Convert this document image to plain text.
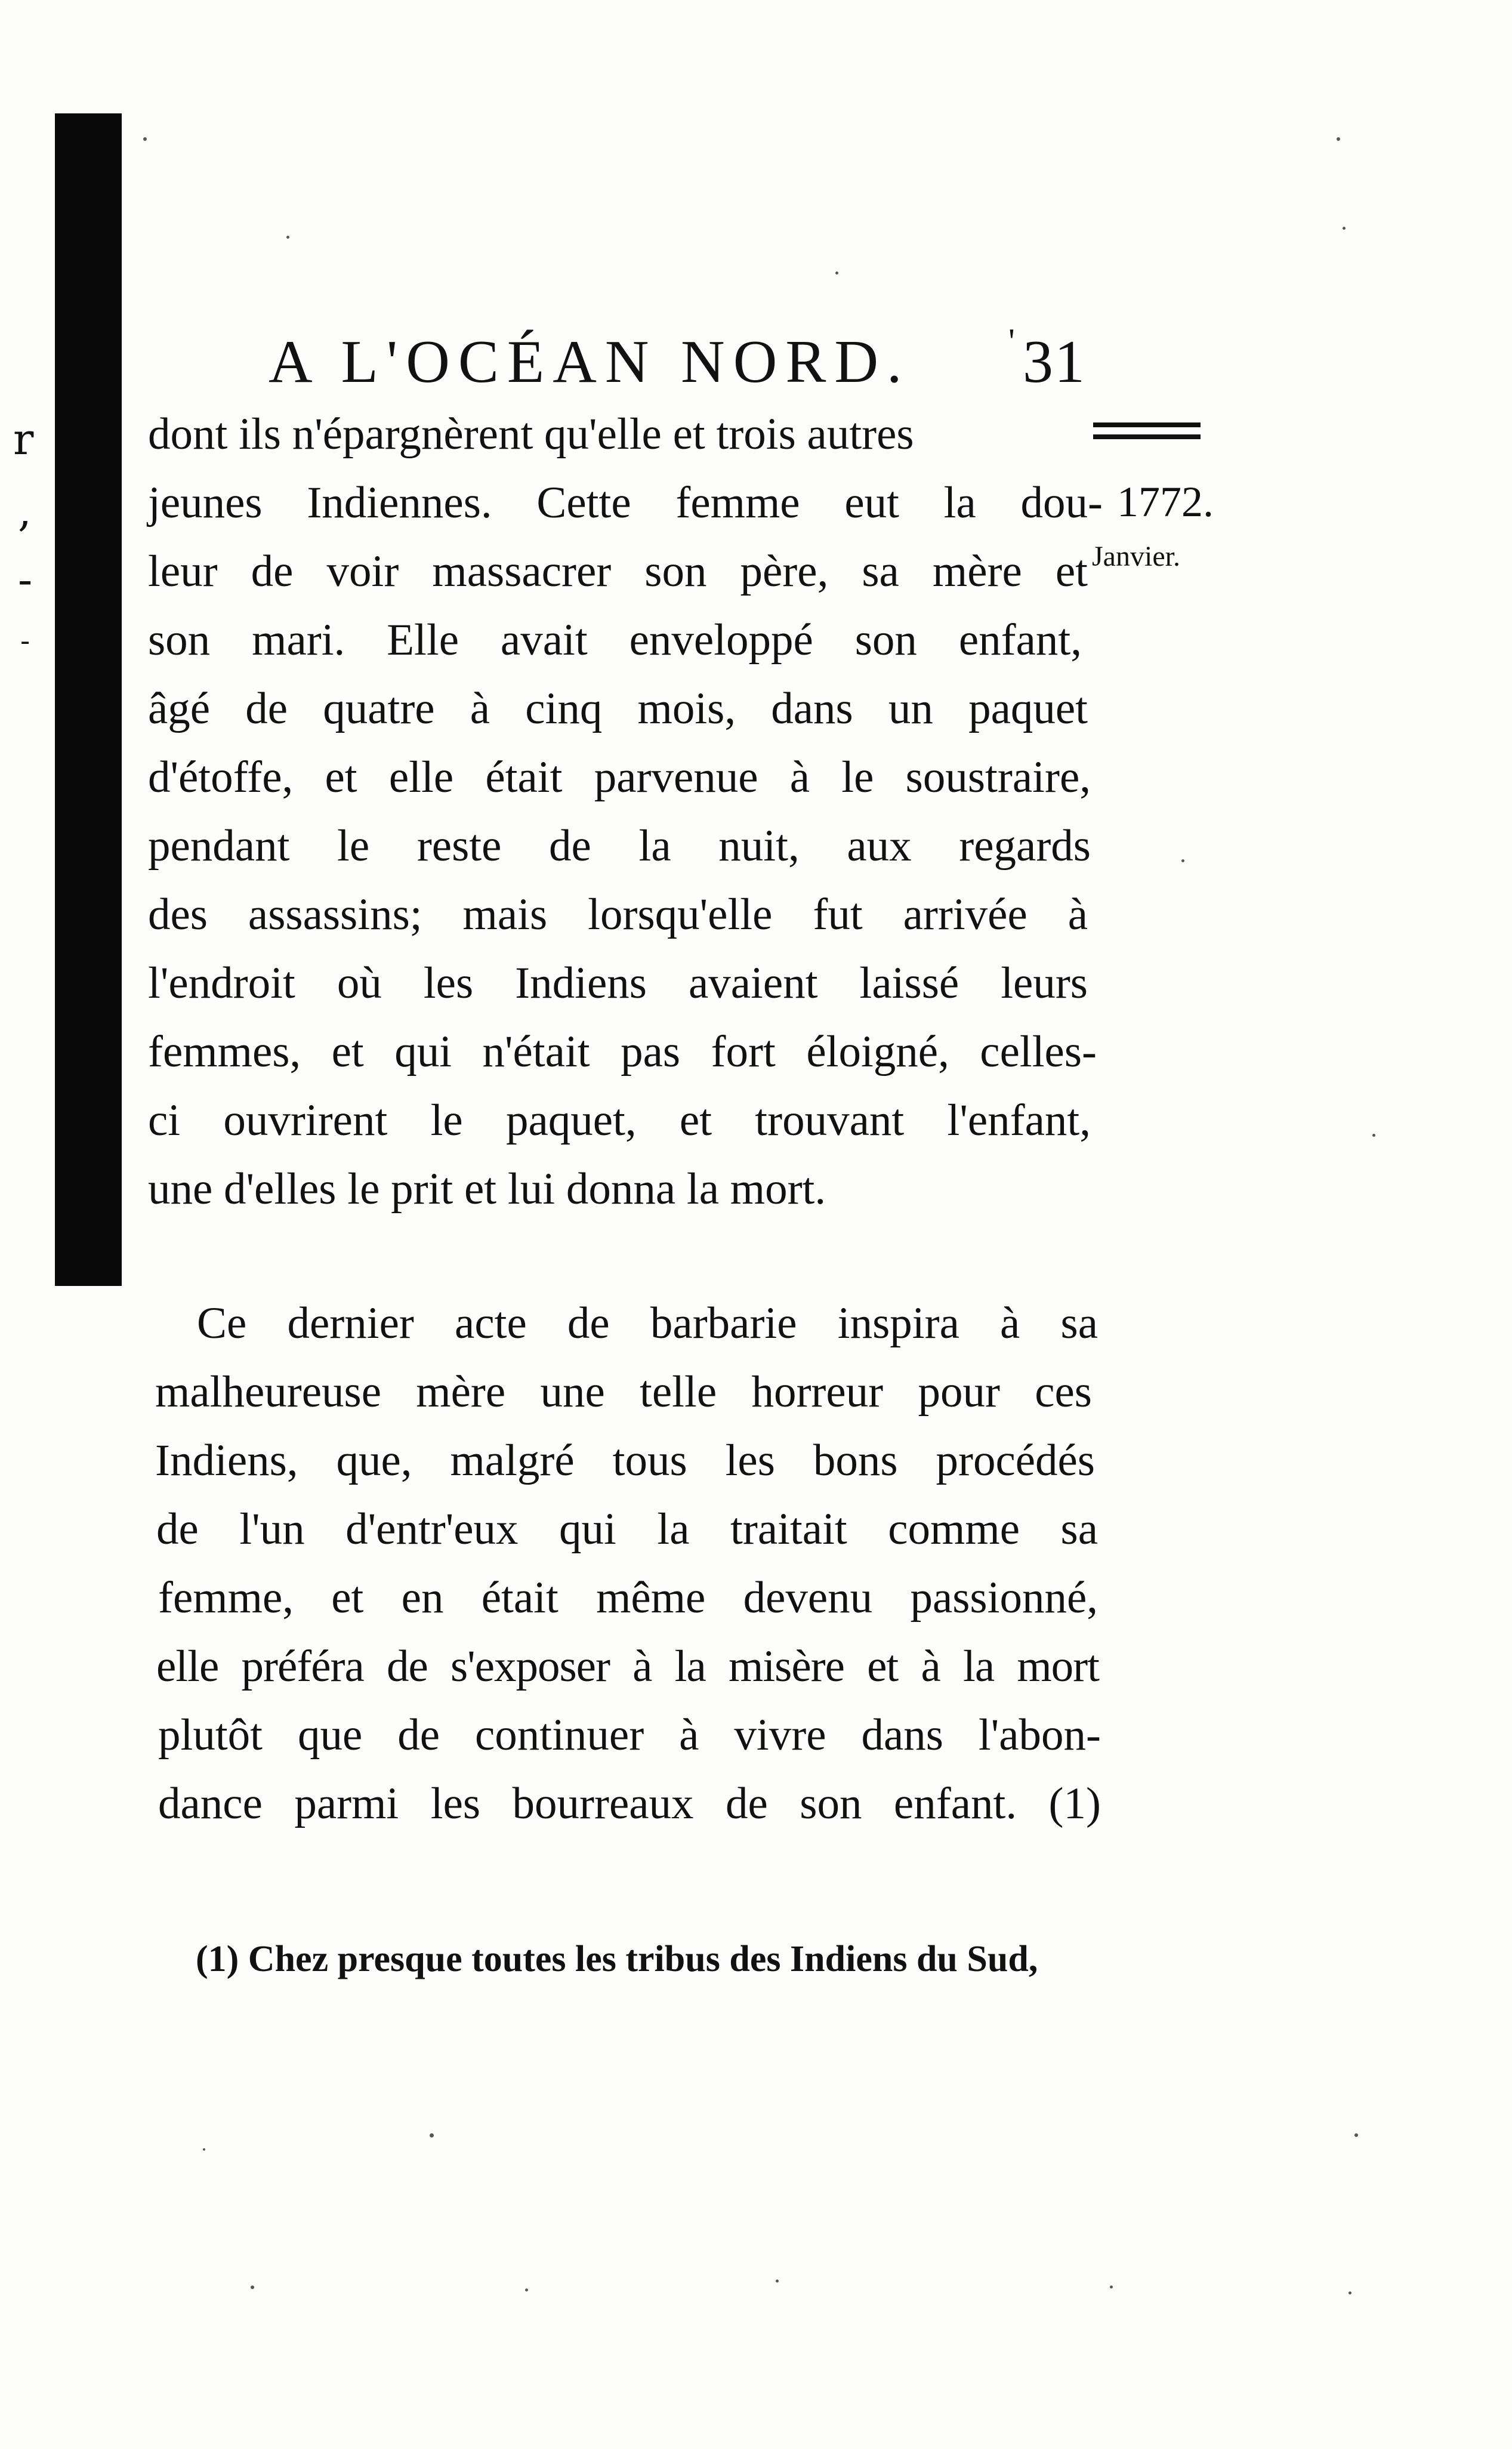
r
,
-
-
A L'OCÉAN NORD.	' 31
1772.
Janvier.
dont ils n'épargnèrent qu'elle et trois autres
jeunes Indiennes. Cette femme eut la dou-
leur de voir massacrer son père, sa mère et
son mari. Elle avait enveloppé son enfant,
âgé de quatre à cinq mois, dans un paquet
d'étoffe, et elle était parvenue à le soustraire,
pendant le reste de la nuit, aux regards
des assassins; mais lorsqu'elle fut arrivée à
l'endroit où les Indiens avaient laissé leurs
femmes, et qui n'était pas fort éloigné, celles-
ci ouvrirent le paquet, et trouvant l'enfant,
une d'elles le prit et lui donna la mort.
Ce dernier acte de barbarie inspira à sa
malheureuse mère une telle horreur pour ces
Indiens, que, malgré tous les bons procédés
de l'un d'entr'eux qui la traitait comme sa
femme, et en était même devenu passionné,
elle préféra de s'exposer à la misère et à la mort
plutôt que de continuer à vivre dans l'abon-
dance parmi les bourreaux de son enfant. (1)
(1) Chez presque toutes les tribus des Indiens du Sud,
